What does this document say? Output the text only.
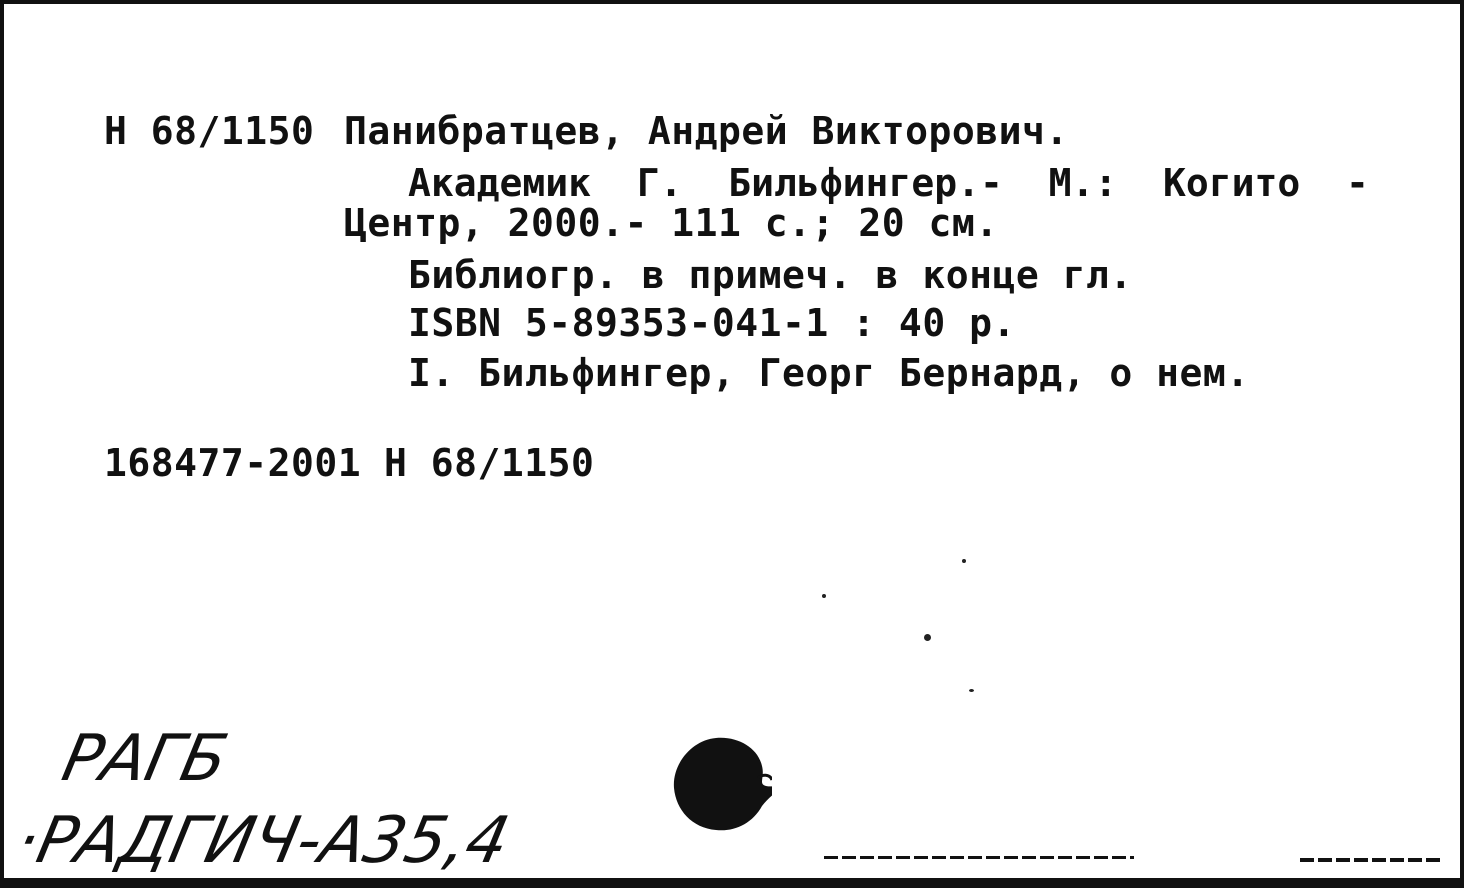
Н 68/1150 Панибратцев, Андрей Викторович.
Академик  Г.  Бильфингер.-  М.:  Когито  -
Центр, 2000.- 111 с.; 20 см.
Библиогр. в примеч. в конце гл.
ISBN 5-89353-041-1 : 40 р.
I. Бильфингер, Георг Бернард, о нем.
168477-2001 Н 68/1150
РАГБ
·РАДГИЧ-А35,4
